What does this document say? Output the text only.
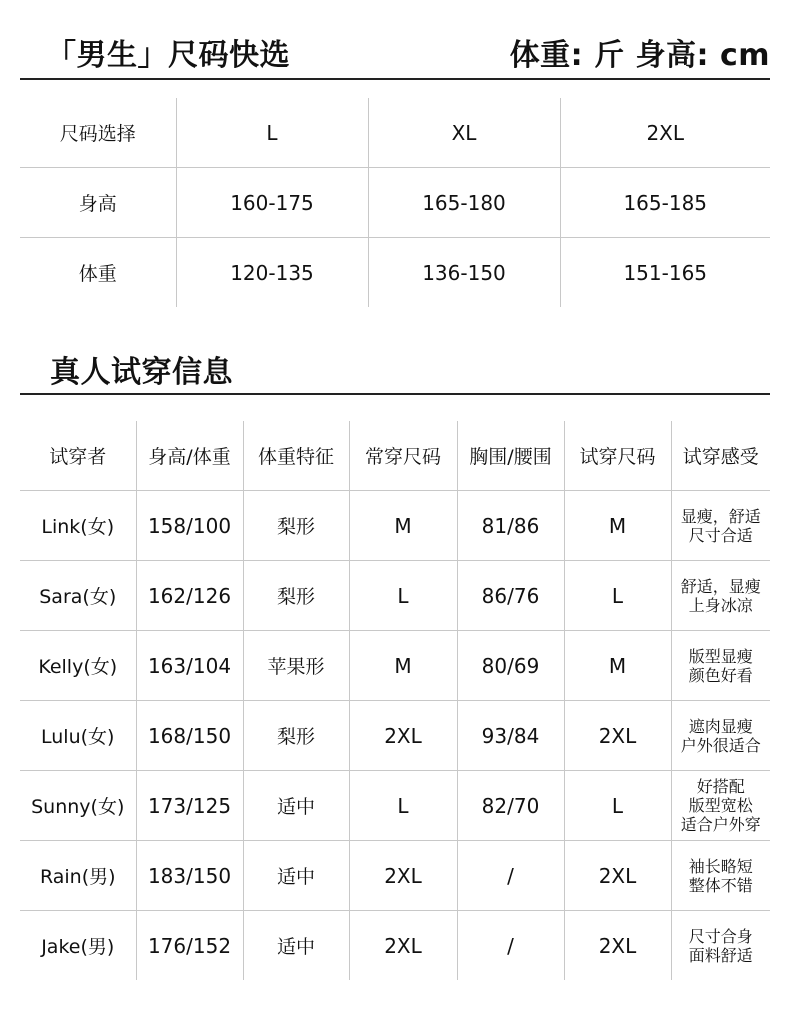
「男生」尺码快选	体重: 斤 身高: cm
尺码选择	L	XL	2XL
身高	160-175	165-180	165-185
体重	120-135	136-150	151-165
真人试穿信息
试穿者	身高/体重	体重特征	常穿尺码	胸围/腰围	试穿尺码	试穿感受
Link(女)	158/100	梨形	M	81/86	M	显瘦，舒适
尺寸合适

Sara(女)	162/126	梨形	L	86/76	L	舒适，显瘦
上身冰凉

Kelly(女)	163/104	苹果形	M	80/69	M	版型显瘦
颜色好看

Lulu(女)	168/150	梨形	2XL	93/84	2XL	遮肉显瘦
户外很适合

Sunny(女)	173/125	适中	L	82/70	L	好搭配
版型宽松
适合户外穿

Rain(男)	183/150	适中	2XL	/	2XL	袖长略短
整体不错

Jake(男)	176/152	适中	2XL	/	2XL	尺寸合身
面料舒适
